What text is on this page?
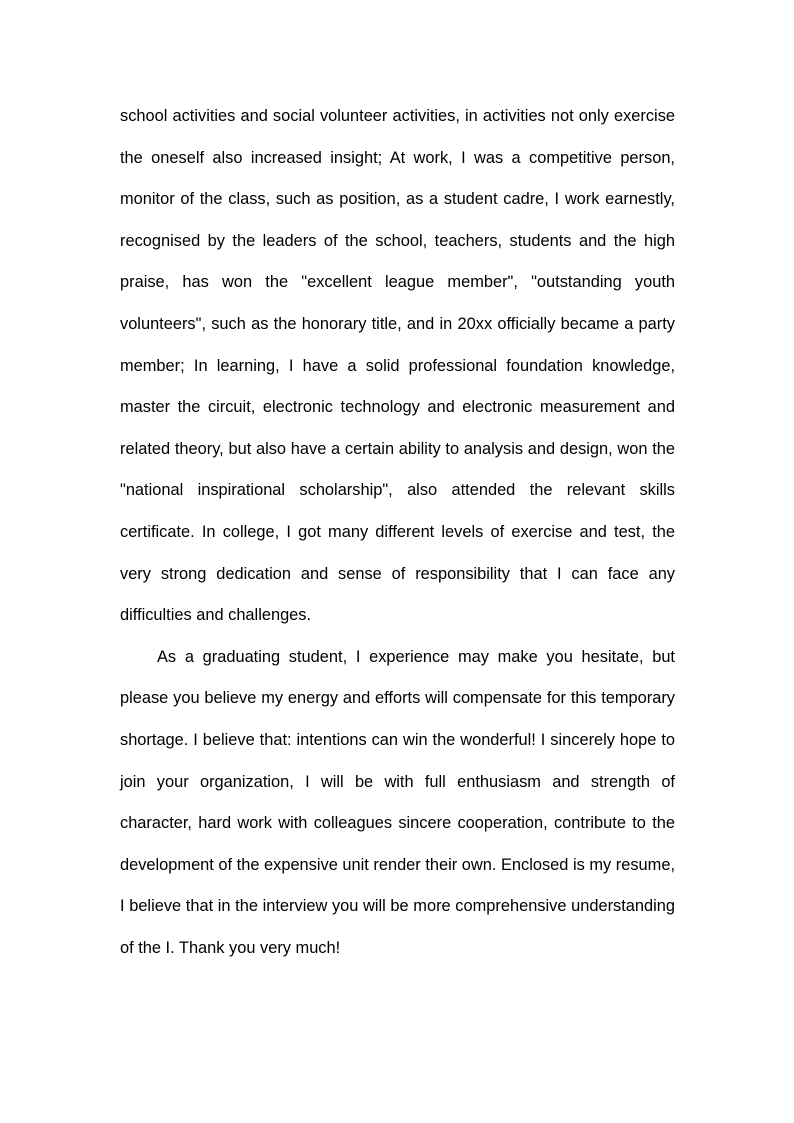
school activities and social volunteer activities, in activities not only exercise the oneself also increased insight; At work, I was a competitive person, monitor of the class, such as position, as a student cadre, I work earnestly, recognised by the leaders of the school, teachers, students and the high praise, has won the "excellent league member", "outstanding youth volunteers", such as the honorary title, and in 20xx officially became a party member; In learning, I have a solid professional foundation knowledge, master the circuit, electronic technology and electronic measurement and related theory, but also have a certain ability to analysis and design, won the "national inspirational scholarship", also attended the relevant skills certificate. In college, I got many different levels of exercise and test, the very strong dedication and sense of responsibility that I can face any difficulties and challenges.

As a graduating student, I experience may make you hesitate, but please you believe my energy and efforts will compensate for this temporary shortage. I believe that: intentions can win the wonderful! I sincerely hope to join your organization, I will be with full enthusiasm and strength of character, hard work with colleagues sincere cooperation, contribute to the development of the expensive unit render their own. Enclosed is my resume, I believe that in the interview you will be more comprehensive understanding of the I. Thank you very much!
